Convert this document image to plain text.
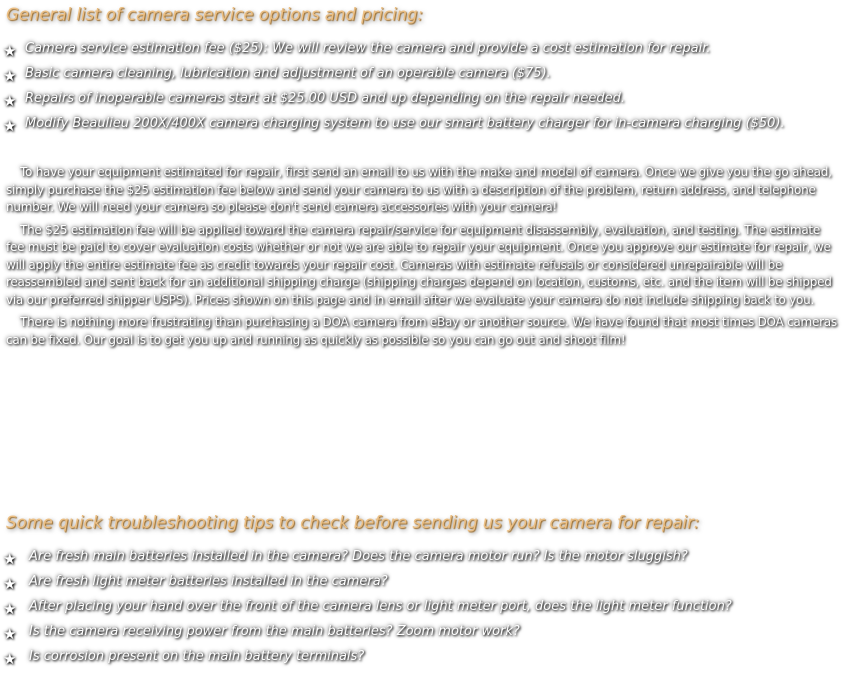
General list of camera service options and pricing:
★ Camera service estimation fee ($25): We will review the camera and provide a cost estimation for repair.
★ Basic camera cleaning, lubrication and adjustment of an operable camera ($75).
★ Repairs of inoperable cameras start at $25.00 USD and up depending on the repair needed.
★ Modify Beaulieu 200X/400X camera charging system to use our smart battery charger for in-camera charging ($50).

To have your equipment estimated for repair, first send an email to us with the make and model of camera. Once we give you the go ahead, simply purchase the $25 estimation fee below and send your camera to us with a description of the problem, return address, and telephone number. We will need your camera so please don't send camera accessories with your camera!

The $25 estimation fee will be applied toward the camera repair/service for equipment disassembly, evaluation, and testing. The estimate fee must be paid to cover evaluation costs whether or not we are able to repair your equipment. Once you approve our estimate for repair, we will apply the entire estimate fee as credit towards your repair cost. Cameras with estimate refusals or considered unrepairable will be reassembled and sent back for an additional shipping charge (shipping charges depend on location, customs, etc. and the item will be shipped via our preferred shipper USPS). Prices shown on this page and in email after we evaluate your camera do not include shipping back to you.

There is nothing more frustrating than purchasing a DOA camera from eBay or another source. We have found that most times DOA cameras can be fixed. Our goal is to get you up and running as quickly as possible so you can go out and shoot film!

Some quick troubleshooting tips to check before sending us your camera for repair:
★ Are fresh main batteries installed in the camera? Does the camera motor run? Is the motor sluggish?
★ Are fresh light meter batteries installed in the camera?
★ After placing your hand over the front of the camera lens or light meter port, does the light meter function?
★ Is the camera receiving power from the main batteries? Zoom motor work?
★ Is corrosion present on the main battery terminals?
